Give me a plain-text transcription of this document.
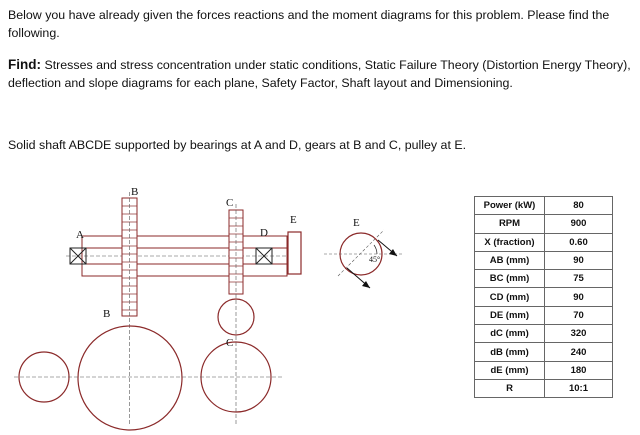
Below you have already given the forces reactions and the moment diagrams for this problem. Please find the following.

Find: Stresses and stress concentration under static conditions, Static Failure Theory (Distortion Energy Theory), deflection and slope diagrams for each plane, Safety Factor, Shaft layout and Dimensioning.

Solid shaft ABCDE supported by bearings at A and D, gears at B and C, pulley at E.

A
B
C
D
E	E
B
C
45°
Power (kW)	80
RPM	900
X (fraction)	0.60
AB (mm)	90
BC (mm)	75
CD (mm)	90
DE (mm)	70
dC (mm)	320
dB (mm)	240
dE (mm)	180
R	10:1
